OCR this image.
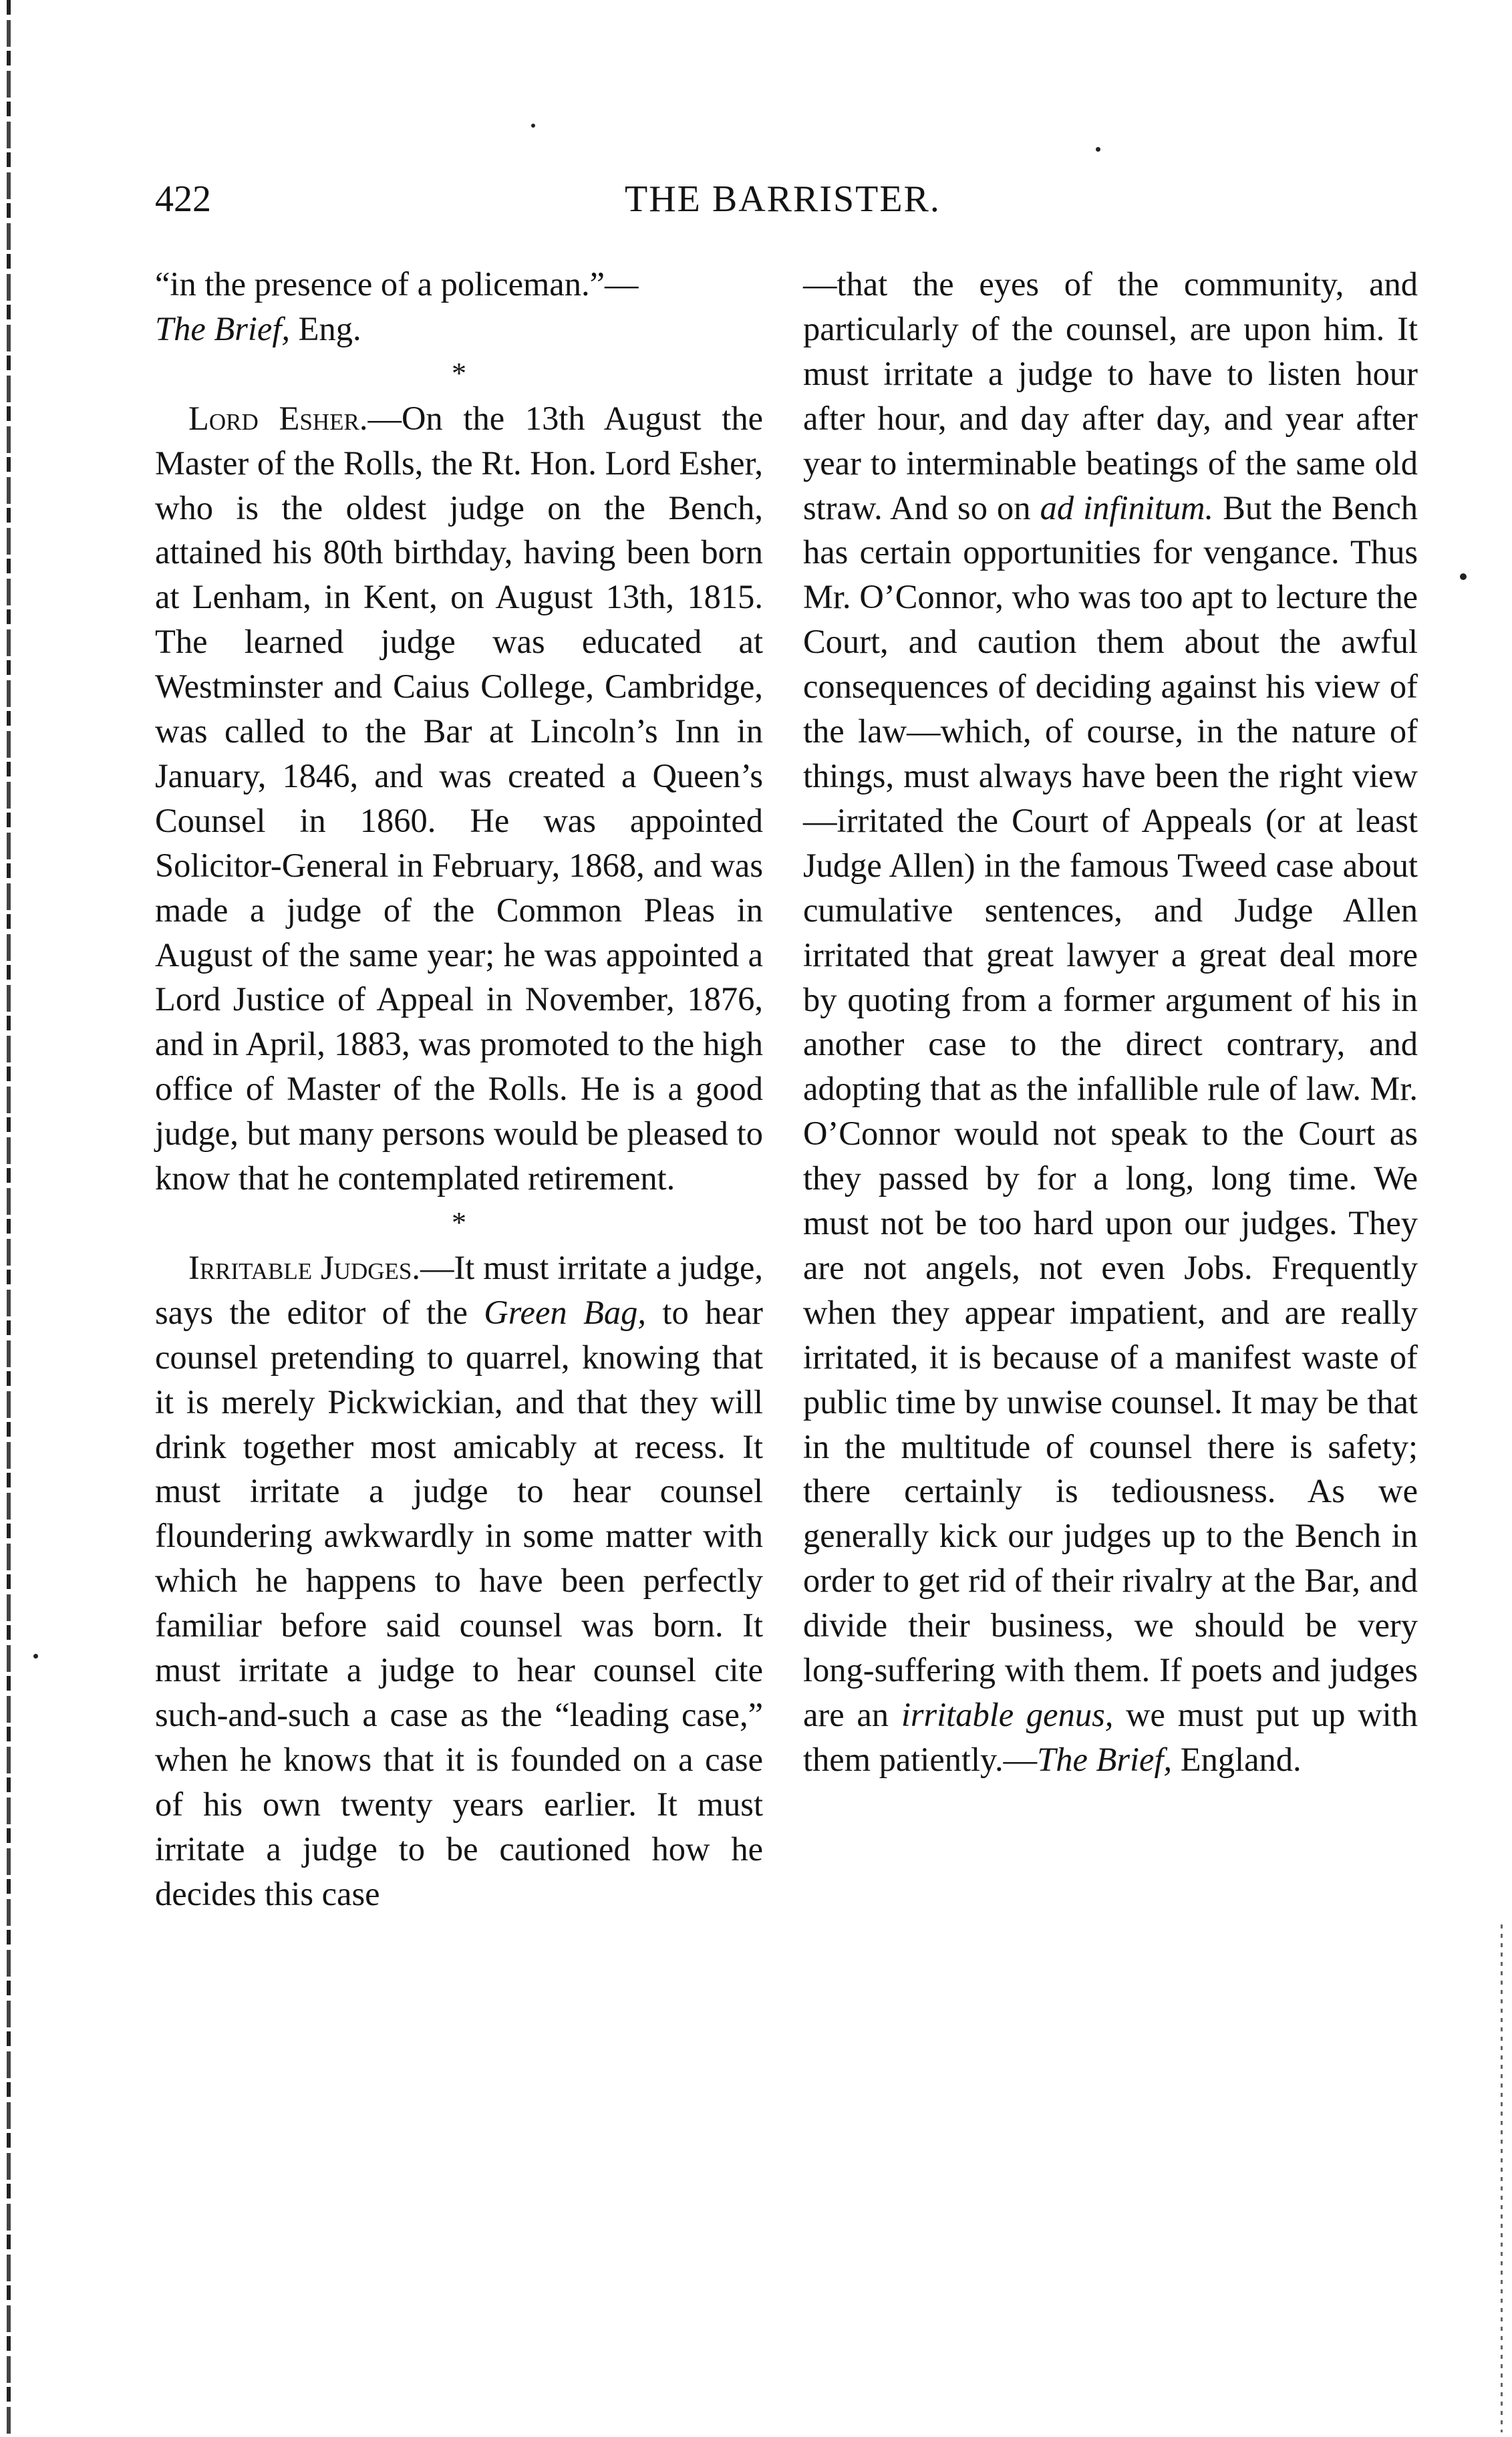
422	THE BARRISTER.

“in the presence of a policeman.”—
The Brief, Eng.

*

Lord Esher.—On the 13th August the Master of the Rolls, the Rt. Hon. Lord Esher, who is the oldest judge on the Bench, attained his 80th birthday, having been born at Lenham, in Kent, on August 13th, 1815. The learned judge was educated at Westminster and Caius College, Cambridge, was called to the Bar at Lincoln’s Inn in January, 1846, and was created a Queen’s Counsel in 1860. He was appointed Solicitor-General in February, 1868, and was made a judge of the Common Pleas in August of the same year; he was appointed a Lord Justice of Appeal in November, 1876, and in April, 1883, was promoted to the high office of Master of the Rolls. He is a good judge, but many persons would be pleased to know that he contemplated retirement.

*

Irritable Judges.—It must irritate a judge, says the editor of the Green Bag, to hear counsel pretending to quarrel, knowing that it is merely Pickwickian, and that they will drink together most amicably at recess. It must irritate a judge to hear counsel floundering awkwardly in some matter with which he happens to have been perfectly familiar before said counsel was born. It must irritate a judge to hear counsel cite such-and-such a case as the “leading case,” when he knows that it is founded on a case of his own twenty years earlier. It must irritate a judge to be cautioned how he decides this case

—that the eyes of the community, and particularly of the counsel, are upon him. It must irritate a judge to have to listen hour after hour, and day after day, and year after year to interminable beatings of the same old straw. And so on ad infinitum. But the Bench has certain opportunities for vengance. Thus Mr. O’Connor, who was too apt to lecture the Court, and caution them about the awful consequences of deciding against his view of the law—which, of course, in the nature of things, must always have been the right view—irritated the Court of Appeals (or at least Judge Allen) in the famous Tweed case about cumulative sentences, and Judge Allen irritated that great lawyer a great deal more by quoting from a former argument of his in another case to the direct contrary, and adopting that as the infallible rule of law. Mr. O’Connor would not speak to the Court as they passed by for a long, long time. We must not be too hard upon our judges. They are not angels, not even Jobs. Frequently when they appear impatient, and are really irritated, it is because of a manifest waste of public time by unwise counsel. It may be that in the multitude of counsel there is safety; there certainly is tediousness. As we generally kick our judges up to the Bench in order to get rid of their rivalry at the Bar, and divide their business, we should be very long-suffering with them. If poets and judges are an irritable genus, we must put up with them patiently.—The Brief, England.
